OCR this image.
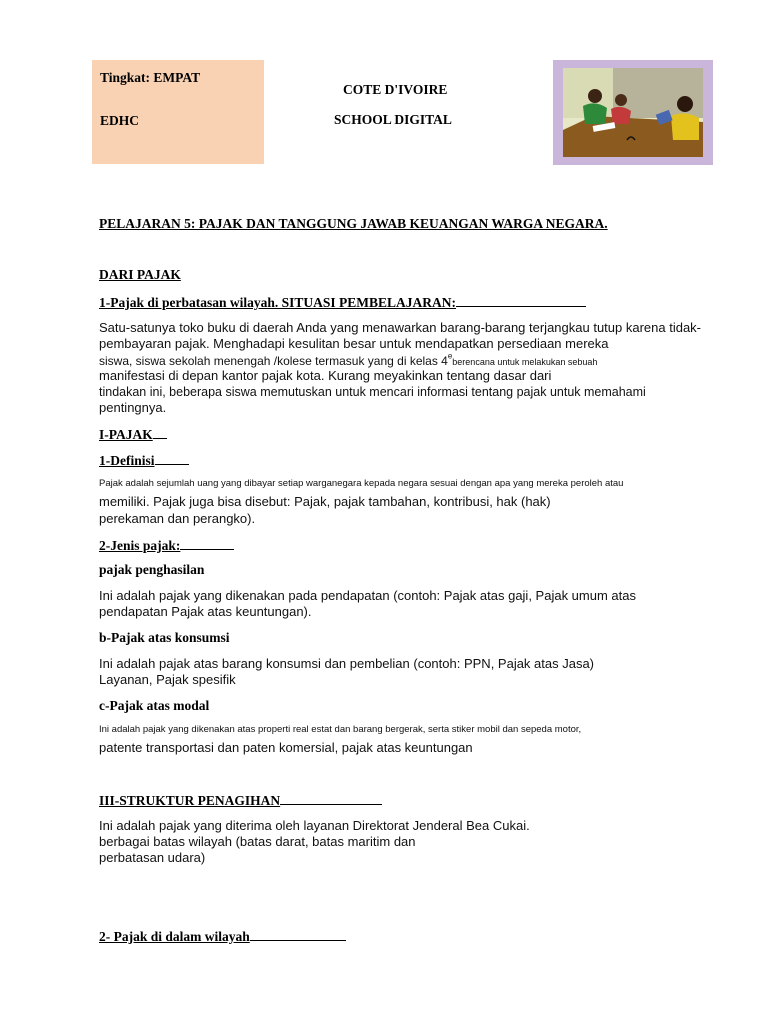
Tingkat: EMPAT
EDHC
COTE D'IVOIRE
SCHOOL DIGITAL
PELAJARAN 5: PAJAK DAN TANGGUNG JAWAB KEUANGAN WARGA NEGARA.
DARI PAJAK
1-Pajak di perbatasan wilayah. SITUASI PEMBELAJARAN:
Satu-satunya toko buku di daerah Anda yang menawarkan barang-barang terjangkau tutup karena tidak-
pembayaran pajak. Menghadapi kesulitan besar untuk mendapatkan persediaan mereka
siswa, siswa sekolah menengah /kolese termasuk yang di kelas 4eberencana untuk melakukan sebuah
manifestasi di depan kantor pajak kota. Kurang meyakinkan tentang dasar dari
tindakan ini, beberapa siswa memutuskan untuk mencari informasi tentang pajak untuk memahami
pentingnya.
I-PAJAK
1-Definisi
Pajak adalah sejumlah uang yang dibayar setiap warganegara kepada negara sesuai dengan apa yang mereka peroleh atau
memiliki. Pajak juga bisa disebut: Pajak, pajak tambahan, kontribusi, hak (hak)
perekaman dan perangko).
2-Jenis pajak:
pajak penghasilan
Ini adalah pajak yang dikenakan pada pendapatan (contoh: Pajak atas gaji, Pajak umum atas
pendapatan Pajak atas keuntungan).
b-Pajak atas konsumsi
Ini adalah pajak atas barang konsumsi dan pembelian (contoh: PPN, Pajak atas Jasa)
Layanan, Pajak spesifik
c-Pajak atas modal
Ini adalah pajak yang dikenakan atas properti real estat dan barang bergerak, serta stiker mobil dan sepeda motor,
patente transportasi dan paten komersial, pajak atas keuntungan
III-STRUKTUR PENAGIHAN
Ini adalah pajak yang diterima oleh layanan Direktorat Jenderal Bea Cukai.
berbagai batas wilayah (batas darat, batas maritim dan
perbatasan udara)
2- Pajak di dalam wilayah
